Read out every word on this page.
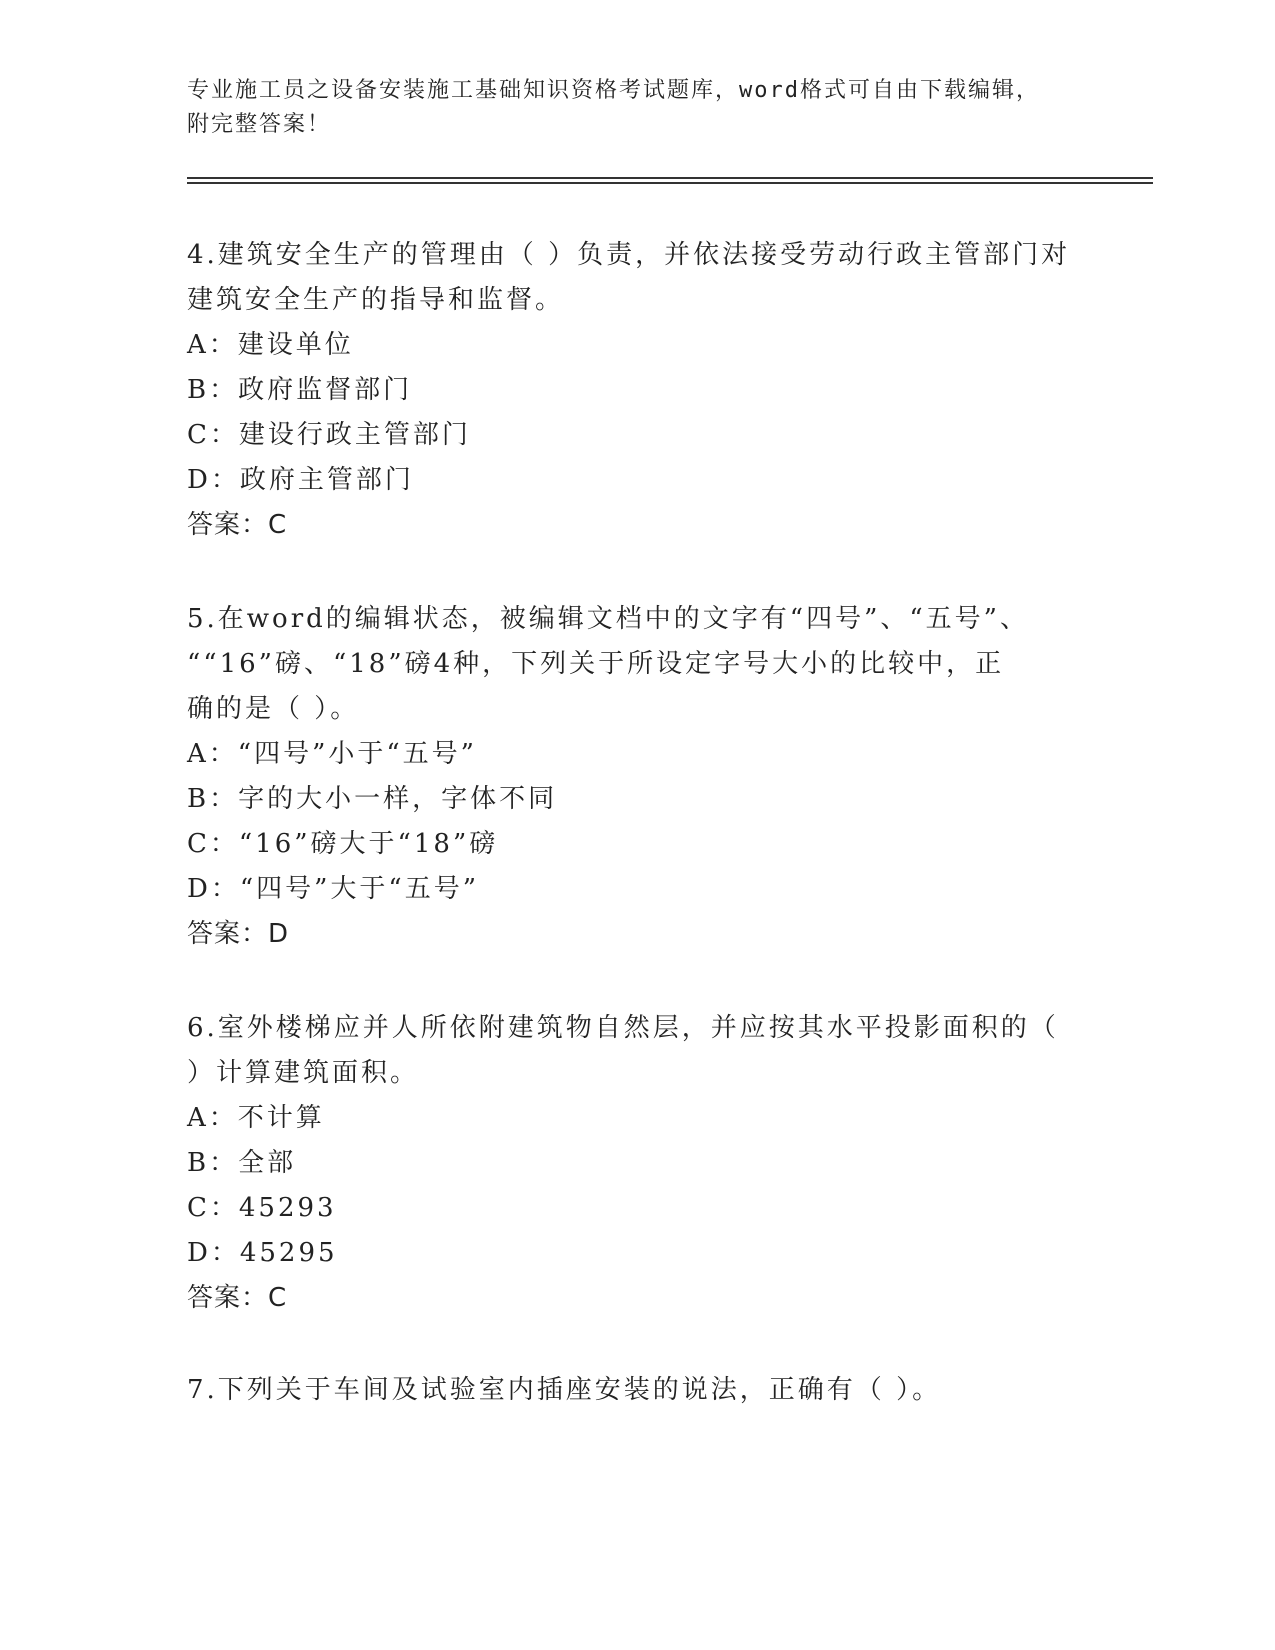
专业施工员之设备安装施工基础知识资格考试题库，word格式可自由下载编辑，
附完整答案！
4.建筑安全生产的管理由（ ）负责，并依法接受劳动行政主管部门对
建筑安全生产的指导和监督。
A：建设单位
B：政府监督部门
C：建设行政主管部门
D：政府主管部门
答案：C
5.在word的编辑状态，被编辑文档中的文字有“四号”、“五号”、
““16”磅、“18”磅4种，下列关于所设定字号大小的比较中，正
确的是（ ）。
A：“四号”小于“五号”
B：字的大小一样，字体不同
C：“16”磅大于“18”磅
D：“四号”大于“五号”
答案：D
6.室外楼梯应并人所依附建筑物自然层，并应按其水平投影面积的（
）计算建筑面积。
A：不计算
B：全部
C：45293
D：45295
答案：C
7.下列关于车间及试验室内插座安装的说法，正确有（ ）。
